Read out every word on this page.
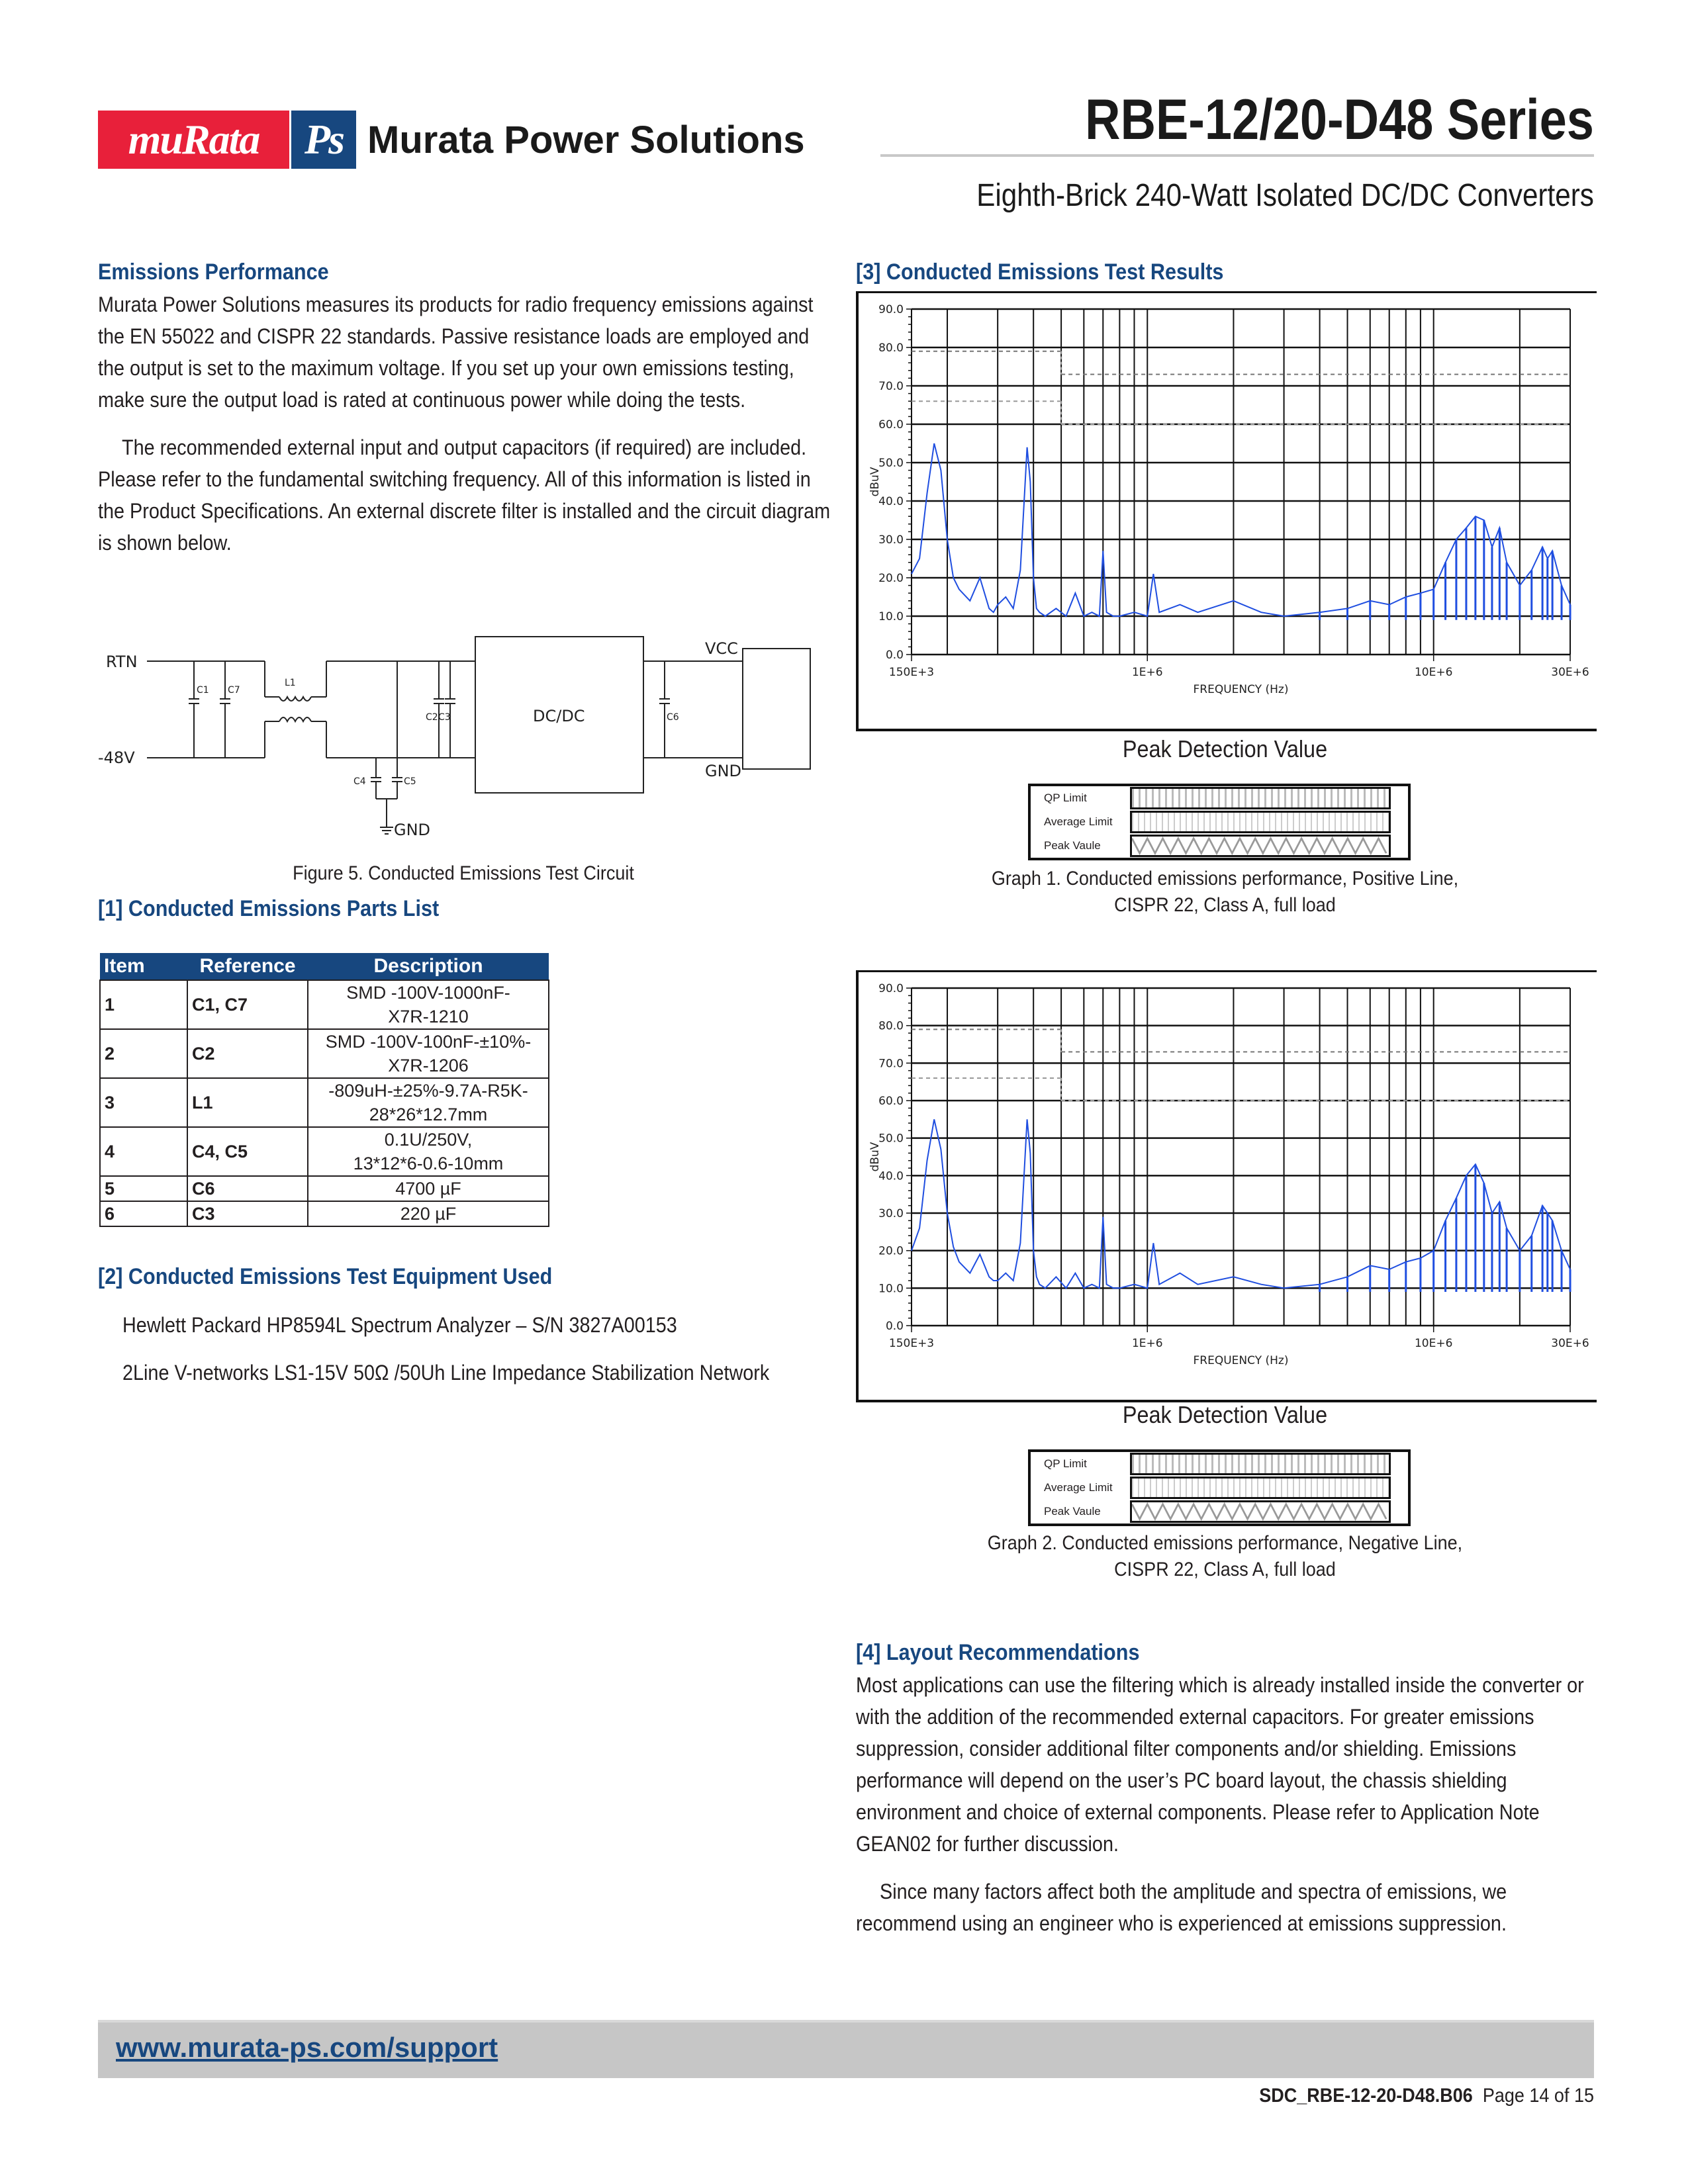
muRata Ps Murata Power Solutions	RBE-12/20-D48 Series
Eighth-Brick 240-Watt Isolated DC/DC Converters
Emissions Performance

Murata Power Solutions measures its products for radio frequency emissions against the EN 55022 and CISPR 22 standards. Passive resistance loads are employed and the output is set to the maximum voltage. If you set up your own emissions testing, make sure the output load is rated at continuous power while doing the tests.

The recommended external input and output capacitors (if required) are included. Please refer to the fundamental switching frequency. All of this information is listed in the Product Specifications. An external discrete filter is installed and the circuit diagram is shown below.

RTN
-48V
L1
C1 C7
C2 C3
C4	C5
C6
DC/DC
VCC
GND
GND
Figure 5. Conducted Emissions Test Circuit
[1] Conducted Emissions Parts List
Item	Reference	Description
1	C1, C7	SMD -100V-1000nF-
X7R-1210

2	C2	SMD -100V-100nF-±10%-
X7R-1206

3	L1	-809uH-±25%-9.7A-R5K-
28*26*12.7mm

4	C4, C5	0.1U/250V,
13*12*6-0.6-10mm

5	C6	4700 µF

6	C3	220 µF
[2] Conducted Emissions Test Equipment Used

Hewlett Packard HP8594L Spectrum Analyzer – S/N 3827A00153

2Line V-networks LS1-15V 50Ω /50Uh Line Impedance Stabilization Network

[3] Conducted Emissions Test Results
0.0
10.0
20.0
30.0
40.0
50.0
60.0
70.0
80.0
90.0
150E+3	1E+6	10E+6	30E+6
FREQUENCY (Hz)
dBuV
Peak Detection Value
QP Limit
Average Limit
Peak Vaule
Graph 1. Conducted emissions performance, Positive Line,
CISPR 22, Class A, full load
0.0
10.0
20.0
30.0
40.0
50.0
60.0
70.0
80.0
90.0
150E+3	1E+6	10E+6	30E+6
FREQUENCY (Hz)
dBuV
Peak Detection Value
QP Limit
Average Limit
Peak Vaule
Graph 2. Conducted emissions performance, Negative Line,
CISPR 22, Class A, full load
[4] Layout Recommendations

Most applications can use the filtering which is already installed inside the converter or with the addition of the recommended external capacitors. For greater emissions suppression, consider additional filter components and/or shielding. Emissions performance will depend on the user’s PC board layout, the chassis shielding environment and choice of external components. Please refer to Application Note GEAN02 for further discussion.

Since many factors affect both the amplitude and spectra of emissions, we recommend using an engineer who is experienced at emissions suppression.

www.murata-ps.com/support
SDC_RBE-12-20-D48.B06 Page 14 of 15
